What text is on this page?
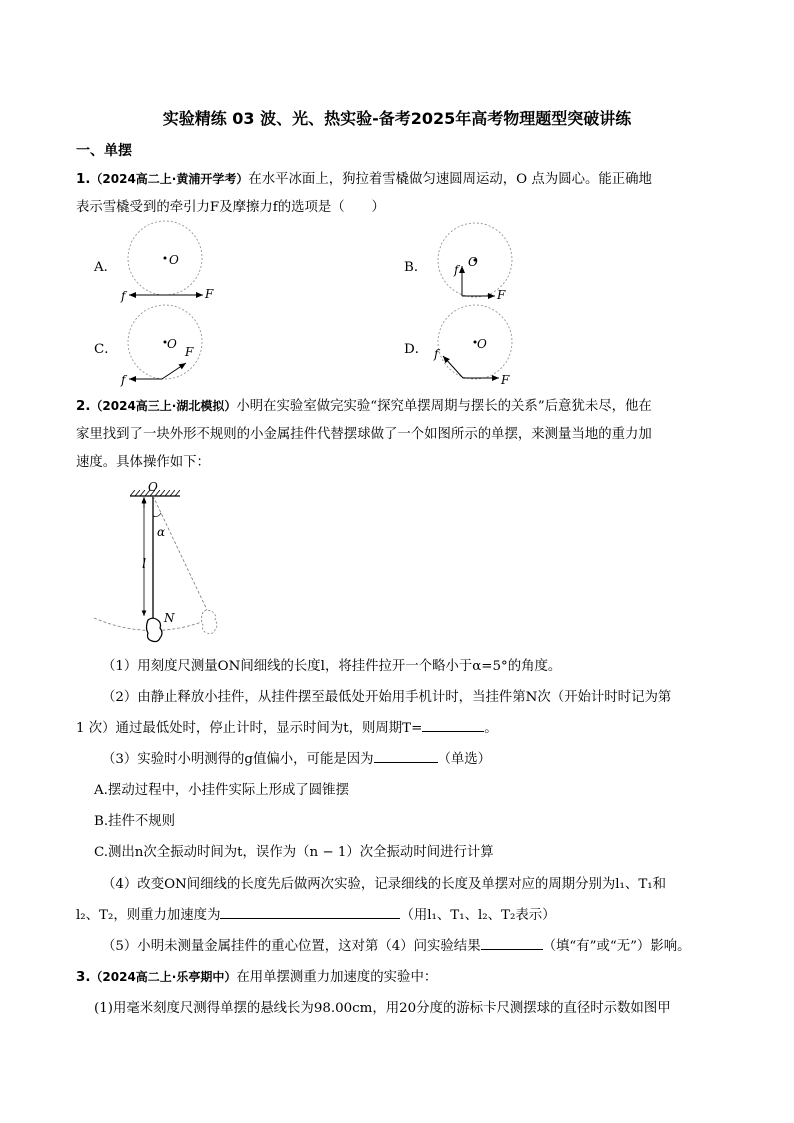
实验精练 03 波、光、热实验-备考2025年高考物理题型突破讲练
一、单摆
1.（2024高二上·黄浦开学考）在水平冰面上，狗拉着雪橇做匀速圆周运动，O 点为圆心。能正确地
表示雪橇受到的牵引力F及摩擦力f的选项是（　　）
A．	B．
C．	D．
O
F
f
O
F
f
O
F
f
O
F
f
2.（2024高三上·湖北模拟）小明在实验室做完实验“探究单摆周期与摆长的关系”后意犹未尽，他在
家里找到了一块外形不规则的小金属挂件代替摆球做了一个如图所示的单摆，来测量当地的重力加
速度。具体操作如下：
O
α
l
N
（1）用刻度尺测量ON间细线的长度l，将挂件拉开一个略小于α=5°的角度。
（2）由静止释放小挂件，从挂件摆至最低处开始用手机计时，当挂件第N次（开始计时时记为第
1 次）通过最低处时，停止计时，显示时间为t，则周期T=	。
（3）实验时小明测得的g值偏小，可能是因为	（单选）
A.摆动过程中，小挂件实际上形成了圆锥摆
B.挂件不规则
C.测出n次全振动时间为t，误作为（n − 1）次全振动时间进行计算
（4）改变ON间细线的长度先后做两次实验，记录细线的长度及单摆对应的周期分别为l₁、T₁和
l₂、T₂，则重力加速度为	（用l₁、T₁、l₂、T₂表示）
（5）小明未测量金属挂件的重心位置，这对第（4）问实验结果	（填“有”或“无”）影响。
3.（2024高二上·乐亭期中）在用单摆测重力加速度的实验中：
(1)用毫米刻度尺测得单摆的悬线长为98.00cm，用20分度的游标卡尺测摆球的直径时示数如图甲
